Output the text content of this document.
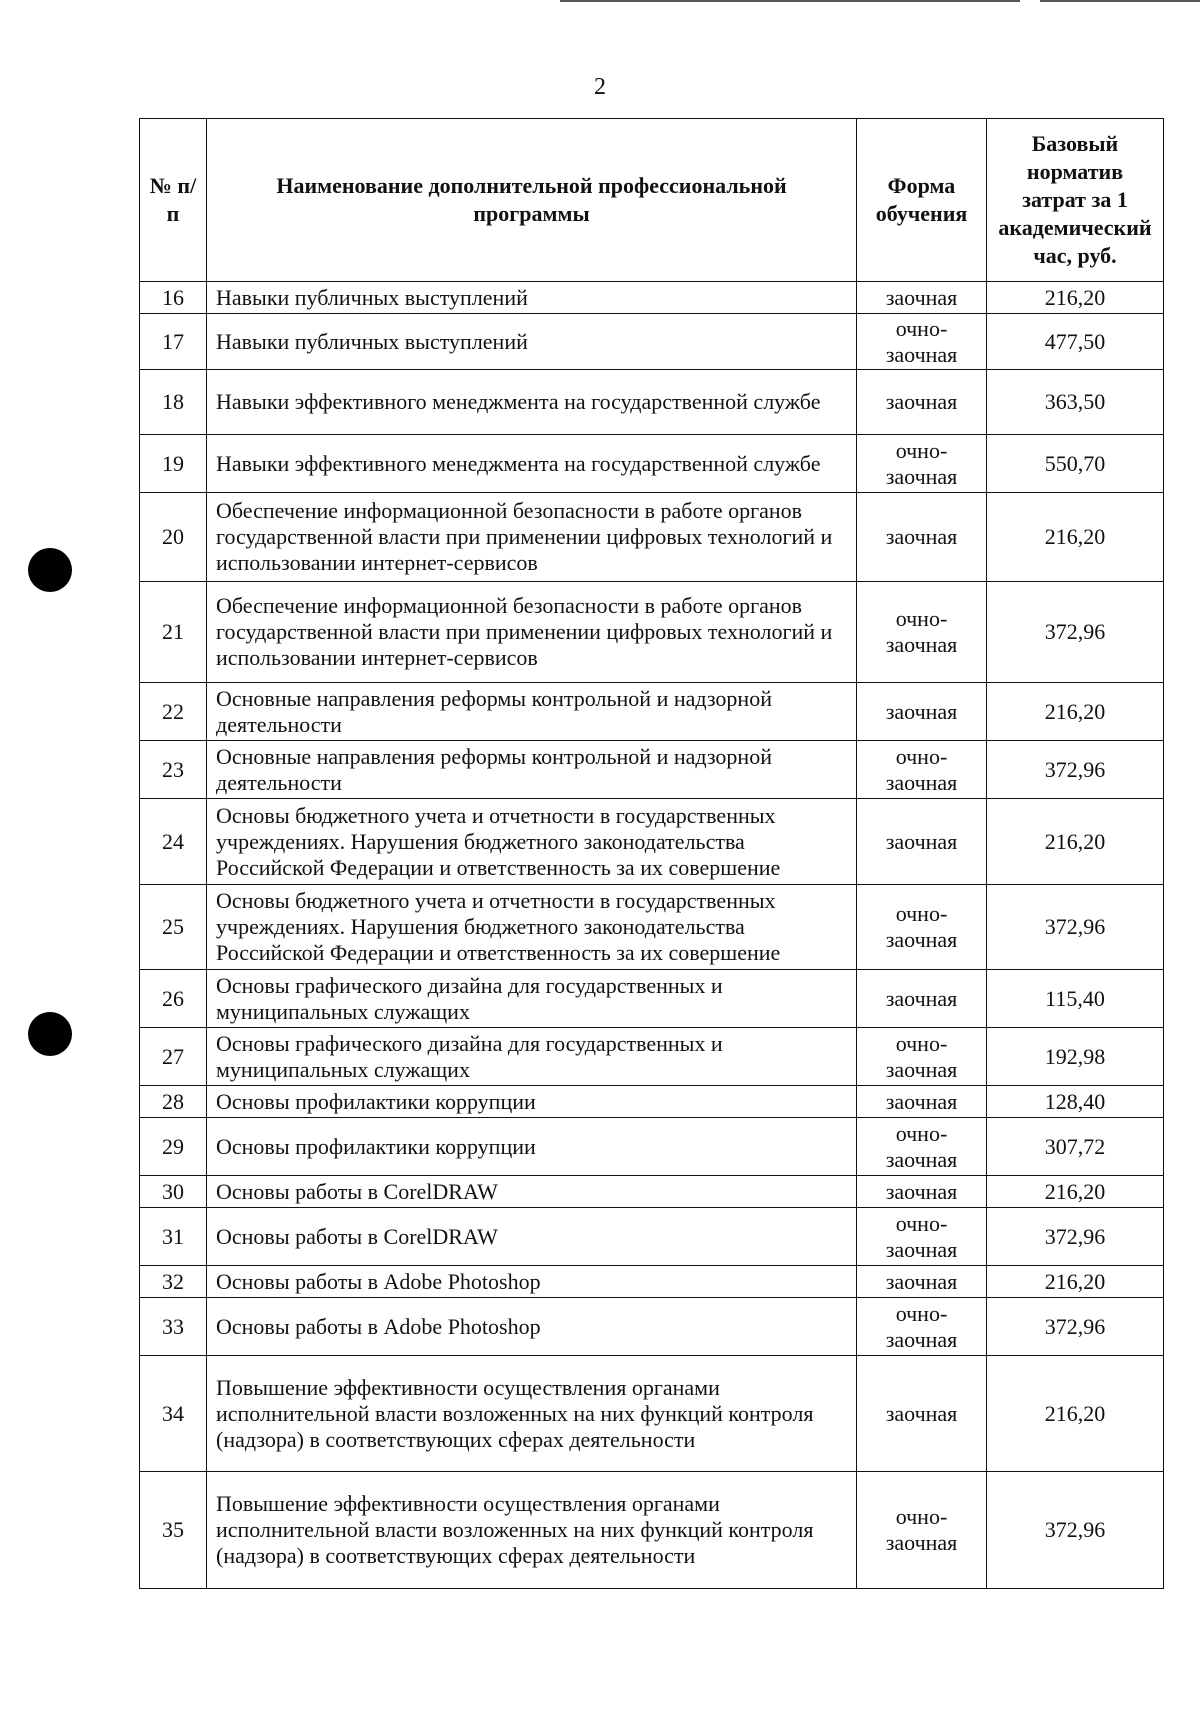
2
№ п/п	Наименование дополнительной профессиональной программы	Форма обучения	Базовый норматив затрат за 1 академический час, руб.
16	Навыки публичных выступлений	заочная	216,20
17	Навыки публичных выступлений	очно-заочная	477,50
18	Навыки эффективного менеджмента на государственной службе	заочная	363,50
19	Навыки эффективного менеджмента на государственной службе	очно-заочная	550,70
20	Обеспечение информационной безопасности в работе органов государственной власти при применении цифровых технологий и использовании интернет-сервисов	заочная	216,20
21	Обеспечение информационной безопасности в работе органов государственной власти при применении цифровых технологий и использовании интернет-сервисов	очно-заочная	372,96
22	Основные направления реформы контрольной и надзорной деятельности	заочная	216,20
23	Основные направления реформы контрольной и надзорной деятельности	очно-заочная	372,96
24	Основы бюджетного учета и отчетности в государственных учреждениях. Нарушения бюджетного законодательства Российской Федерации и ответственность за их совершение	заочная	216,20
25	Основы бюджетного учета и отчетности в государственных учреждениях. Нарушения бюджетного законодательства Российской Федерации и ответственность за их совершение	очно-заочная	372,96
26	Основы графического дизайна для государственных и муниципальных служащих	заочная	115,40
27	Основы графического дизайна для государственных и муниципальных служащих	очно-заочная	192,98
28	Основы профилактики коррупции	заочная	128,40
29	Основы профилактики коррупции	очно-заочная	307,72
30	Основы работы в CorelDRAW	заочная	216,20
31	Основы работы в CorelDRAW	очно-заочная	372,96
32	Основы работы в Adobe Photoshop	заочная	216,20
33	Основы работы в Adobe Photoshop	очно-заочная	372,96
34	Повышение эффективности осуществления органами исполнительной власти возложенных на них функций контроля (надзора) в соответствующих сферах деятельности	заочная	216,20
35	Повышение эффективности осуществления органами исполнительной власти возложенных на них функций контроля (надзора) в соответствующих сферах деятельности	очно-заочная	372,96
